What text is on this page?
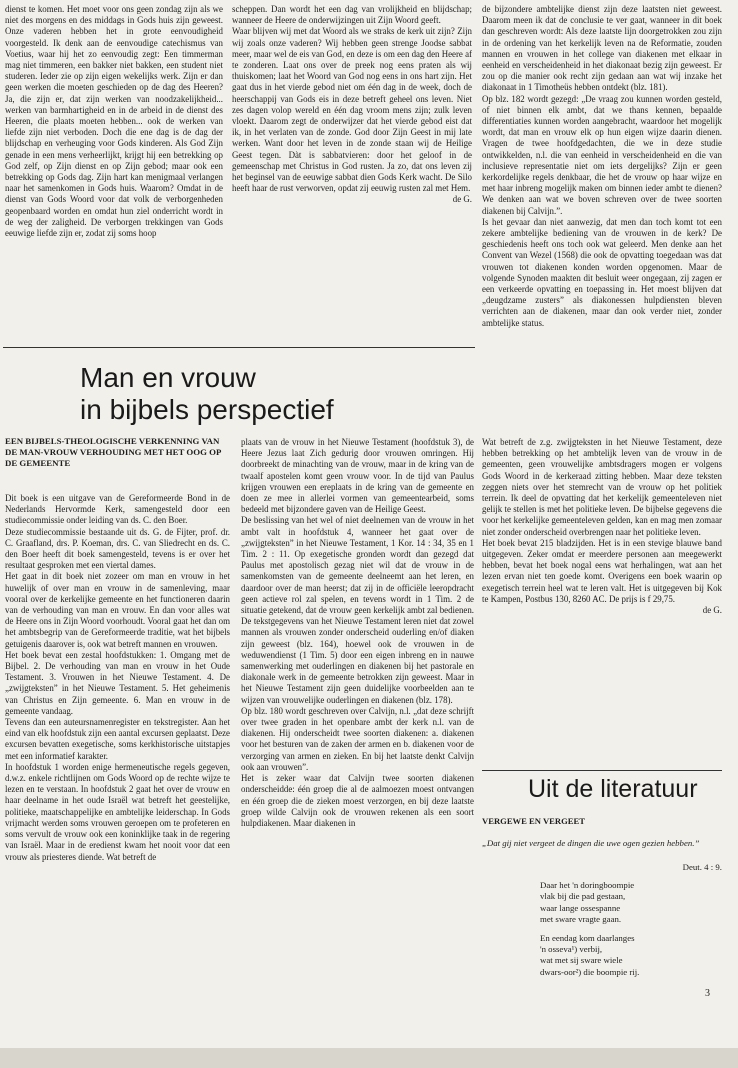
dienst te komen. Het moet voor ons geen zondag zijn als we niet des morgens en des middags in Gods huis zijn geweest. Onze vaderen hebben het in grote eenvoudigheid voorgesteld. Ik denk aan de eenvoudige catechismus van Voetius, waar hij het zo eenvoudig zegt: Een timmerman mag niet timmeren, een bakker niet bakken, een student niet studeren. Ieder zie op zijn eigen wekelijks werk. Zijn er dan geen werken die moeten geschieden op de dag des Heeren? Ja, die zijn er, dat zijn werken van noodzakelijkheid... werken van barmhartigheid en in de arbeid in de dienst des Heeren, die plaats moeten hebben... ook de werken van liefde zijn niet verboden. Doch die ene dag is de dag der blijdschap en verheuging voor Gods kinderen. Als God Zijn genade in een mens verheerlijkt, krijgt hij een betrekking op God zelf, op Zijn dienst en op Zijn gebod; maar ook een betrekking op Gods dag. Zijn hart kan menigmaal verlangen naar het samenkomen in Gods huis. Waarom? Omdat in de dienst van Gods Woord voor dat volk de verborgenheden geopenbaard worden en omdat hun ziel onderricht wordt in de weg der zaligheid. De verborgen trekkingen van Gods eeuwige liefde zijn er, zodat zij soms hoop

scheppen. Dan wordt het een dag van vrolijkheid en blijdschap; wanneer de Heere de onderwijzingen uit Zijn Woord geeft.

Waar blijven wij met dat Woord als we straks de kerk uit zijn? Zijn wij zoals onze vaderen? Wij hebben geen strenge Joodse sabbat meer, maar wel de eis van God, en deze is om een dag den Heere af te zonderen. Laat ons over de preek nog eens praten als wij thuiskomen; laat het Woord van God nog eens in ons hart zijn. Het gaat dus in het vierde gebod niet om één dag in de week, doch de heerschappij van Gods eis in deze betreft geheel ons leven. Niet zes dagen volop wereld en één dag vroom mens zijn; zulk leven vloekt. Daarom zegt de onderwijzer dat het vierde gebod eist dat ik, in het verlaten van de zonde. God door Zijn Geest in mij late werken. Want door het leven in de zonde staan wij de Heilige Geest tegen. Dàt is sabbatvieren: door het geloof in de gemeenschap met Christus in God rusten. Ja zo, dat ons leven zij het beginsel van de eeuwige sabbat dien Gods Kerk wacht. De Silo heeft haar de rust verworven, opdat zij eeuwig rusten zal met Hem.

de G.

de bijzondere ambtelijke dienst zijn deze laatsten niet geweest. Daarom meen ik dat de conclusie te ver gaat, wanneer in dit boek dan geschreven wordt: Als deze laatste lijn doorgetrokken zou zijn in de ordening van het kerkelijk leven na de Reformatie, zouden mannen en vrouwen in het college van diakenen met elkaar in eenheid en verscheidenheid in het diakonaat bezig zijn geweest. Er zou op die manier ook recht zijn gedaan aan wat wij inzake het diakonaat in 1 Timotheüs hebben ontdekt (blz. 181).

Op blz. 182 wordt gezegd: „De vraag zou kunnen worden gesteld, of niet binnen elk ambt, dat we thans kennen, bepaalde differentiaties kunnen worden aangebracht, waardoor het mogelijk wordt, dat man en vrouw elk op hun eigen wijze daarin dienen. Vragen de twee hoofdgedachten, die we in deze studie ontwikkelden, n.l. die van eenheid in verscheidenheid en die van inclusieve representatie niet om iets dergelijks? Zijn er geen kerkordelijke regels denkbaar, die het de vrouw op haar wijze en met haar inbreng mogelijk maken om binnen ieder ambt te dienen? We denken aan wat we boven schreven over de twee soorten diakenen bij Calvijn.”.

Is het gevaar dan niet aanwezig, dat men dan toch komt tot een zekere ambtelijke bediening van de vrouwen in de kerk? De geschiedenis heeft ons toch ook wat geleerd. Men denke aan het Convent van Wezel (1568) die ook de opvatting toegedaan was dat vrouwen tot diakenen konden worden opgenomen. Maar de volgende Synoden maakten dit besluit weer ongegaan, zij zagen er een verkeerde opvatting en toepassing in. Het moest blijven dat „deugdzame zusters” als diakonessen hulpdiensten bleven verrichten aan de diakenen, maar dan ook verder niet, zonder ambtelijke status.

Man en vrouw
in bijbels perspectief
EEN BIJBELS-THEOLOGISCHE VERKENNING VAN DE MAN-VROUW VERHOUDING MET HET OOG OP DE GEMEENTE

Dit boek is een uitgave van de Gereformeerde Bond in de Nederlands Hervormde Kerk, samengesteld door een studiecommissie onder leiding van ds. C. den Boer.

Deze studiecommissie bestaande uit ds. G. de Fijter, prof. dr. C. Graafland, drs. P. Koeman, drs. C. van Sliedrecht en ds. C. den Boer heeft dit boek samengesteld, tevens is er over het resultaat gesproken met een viertal dames.

Het gaat in dit boek niet zozeer om man en vrouw in het huwelijk of over man en vrouw in de samenleving, maar vooral over de kerkelijke gemeente en het functioneren daarin van de verhouding van man en vrouw. En dan voor alles wat de Heere ons in Zijn Woord voorhoudt. Vooral gaat het dan om het ambtsbegrip van de Gereformeerde traditie, wat het bijbels getuigenis daarover is, ook wat betreft mannen en vrouwen.

Het boek bevat een zestal hoofdstukken: 1. Omgang met de Bijbel. 2. De verhouding van man en vrouw in het Oude Testament. 3. Vrouwen in het Nieuwe Testament. 4. De „zwijgteksten” in het Nieuwe Testament. 5. Het geheimenis van Christus en Zijn gemeente. 6. Man en vrouw in de gemeente vandaag.

Tevens dan een auteursnamenregister en tekstregister. Aan het eind van elk hoofdstuk zijn een aantal excursen geplaatst. Deze excursen bevatten exegetische, soms kerkhistorische uitstapjes met een informatief karakter.

In hoofdstuk 1 worden enige hermeneutische regels gegeven, d.w.z. enkele richtlijnen om Gods Woord op de rechte wijze te lezen en te verstaan. In hoofdstuk 2 gaat het over de vrouw en haar deelname in het oude Israël wat betreft het geestelijke, politieke, maatschappelijke en ambtelijke leiderschap. In Gods vrijmacht werden soms vrouwen geroepen om te profeteren en soms vervult de vrouw ook een koninklijke taak in de regering van Israël. Maar in de eredienst kwam het nooit voor dat een vrouw als priesteres diende. Wat betreft de

plaats van de vrouw in het Nieuwe Testament (hoofdstuk 3), de Heere Jezus laat Zich gedurig door vrouwen omringen. Hij doorbreekt de minachting van de vrouw, maar in de kring van de twaalf apostelen komt geen vrouw voor. In de tijd van Paulus krijgen vrouwen een ereplaats in de kring van de gemeente en doen ze mee in allerlei vormen van gemeentearbeid, soms bedeeld met bijzondere gaven van de Heilige Geest.

De beslissing van het wel of niet deelnemen van de vrouw in het ambt valt in hoofdstuk 4, wanneer het gaat over de „zwijgteksten” in het Nieuwe Testament, 1 Kor. 14 : 34, 35 en 1 Tim. 2 : 11. Op exegetische gronden wordt dan gezegd dat Paulus met apostolisch gezag niet wil dat de vrouw in de samenkomsten van de gemeente deelneemt aan het leren, en daardoor over de man heerst; dat zij in de officiële leeropdracht geen actieve rol zal spelen, en tevens wordt in 1 Tim. 2 de situatie getekend, dat de vrouw geen kerkelijk ambt zal bedienen. De tekstgegevens van het Nieuwe Testament leren niet dat zowel mannen als vrouwen zonder onderscheid ouderling en/of diaken zijn geweest (blz. 164), hoewel ook de vrouwen in de weduwendienst (1 Tim. 5) door een eigen inbreng en in nauwe samenwerking met ouderlingen en diakenen bij het pastorale en diakonale werk in de gemeente betrokken zijn geweest. Maar in het Nieuwe Testament zijn geen duidelijke voorbeelden aan te wijzen van vrouwelijke ouderlingen en diakenen (blz. 178).

Op blz. 180 wordt geschreven over Calvijn, n.l. „dat deze schrijft over twee graden in het openbare ambt der kerk n.l. van de diakenen. Hij onderscheidt twee soorten diakenen: a. diakenen voor het besturen van de zaken der armen en b. diakenen voor de verzorging van armen en zieken. En bij het laatste denkt Calvijn ook aan vrouwen”.

Het is zeker waar dat Calvijn twee soorten diakenen onderscheidde: één groep die al de aalmoezen moest ontvangen en één groep die de zieken moest verzorgen, en bij deze laatste groep wilde Calvijn ook de vrouwen rekenen als een soort hulpdiakenen. Maar diakenen in

Wat betreft de z.g. zwijgteksten in het Nieuwe Testament, deze hebben betrekking op het ambtelijk leven van de vrouw in de gemeenten, geen vrouwelijke ambtsdragers mogen er volgens Gods Woord in de kerkeraad zitting hebben. Maar deze teksten zeggen niets over het stemrecht van de vrouw op het politiek terrein. Ik deel de opvatting dat het kerkelijk gemeenteleven niet gelijk te stellen is met het politieke leven. De bijbelse gegevens die voor het kerkelijke gemeenteleven gelden, kan en mag men zomaar niet zonder onderscheid overbrengen naar het politieke leven.

Het boek bevat 215 bladzijden. Het is in een stevige blauwe band uitgegeven. Zeker omdat er meerdere personen aan meegewerkt hebben, bevat het boek nogal eens wat herhalingen, wat aan het lezen ervan niet ten goede komt. Overigens een boek waarin op exegetisch terrein heel wat te leren valt. Het is uitgegeven bij Kok te Kampen, Postbus 130, 8260 AC. De prijs is f 29,75.

de G.

Uit de literatuur
VERGEWE EN VERGEET
„Dat gij niet vergeet de dingen die uwe ogen gezien hebben.”
Deut. 4 : 9.

Daar het 'n doringboompie
vlak bij die pad gestaan,
waar lange ossespanne
met sware vragte gaan.

En eendag kom daarlanges
'n osseva¹) verbij,
wat met sij sware wiele
dwars-oor²) die boompie rij.

3
